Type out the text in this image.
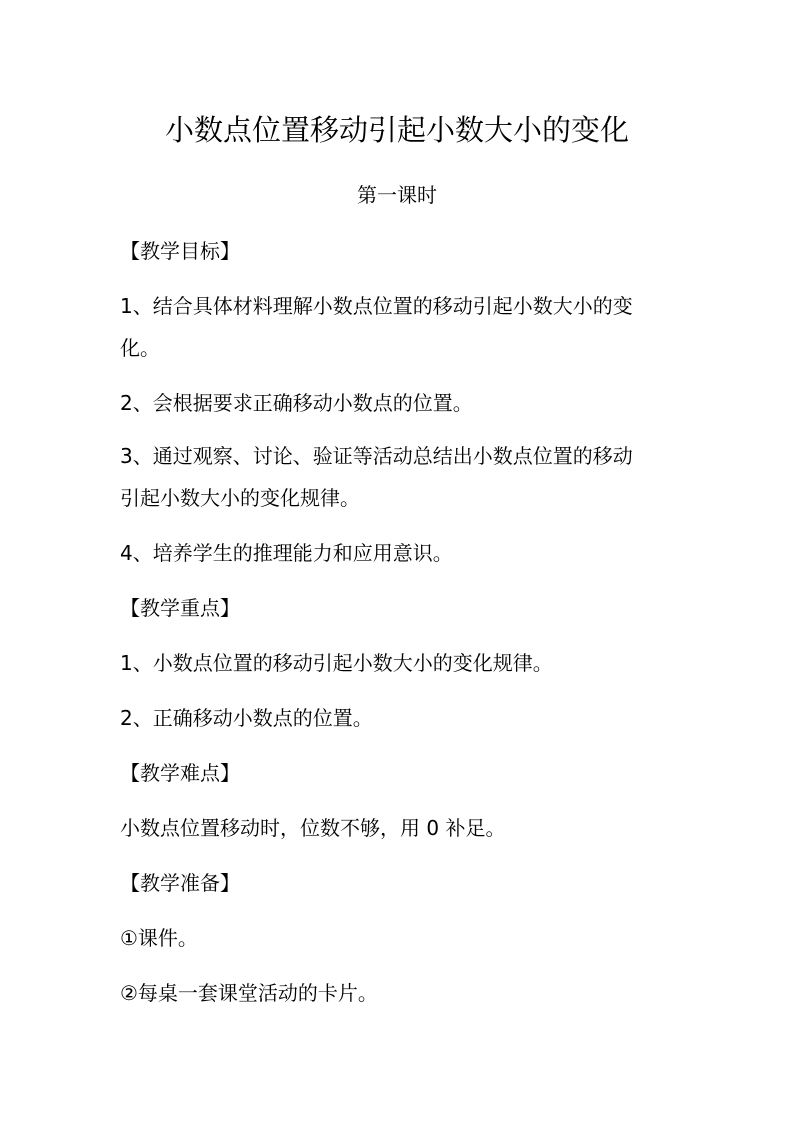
小数点位置移动引起小数大小的变化
第一课时
【教学目标】
1、结合具体材料理解小数点位置的移动引起小数大小的变
化。
2、会根据要求正确移动小数点的位置。
3、通过观察、讨论、验证等活动总结出小数点位置的移动
引起小数大小的变化规律。
4、培养学生的推理能力和应用意识。
【教学重点】
1、小数点位置的移动引起小数大小的变化规律。
2、正确移动小数点的位置。
【教学难点】
小数点位置移动时，位数不够，用 0 补足。
【教学准备】
①课件。
②每桌一套课堂活动的卡片。
